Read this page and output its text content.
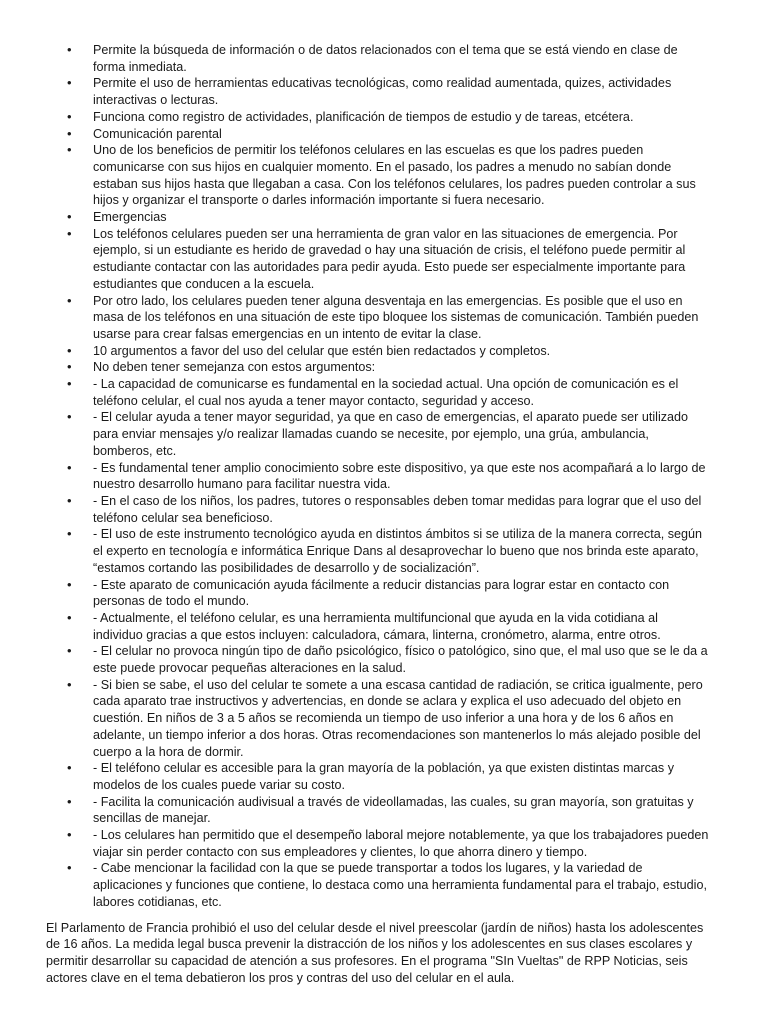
• Permite la búsqueda de información o de datos relacionados con el tema que se está viendo en clase de forma inmediata.
• Permite el uso de herramientas educativas tecnológicas, como realidad aumentada, quizes, actividades interactivas o lecturas.
• Funciona como registro de actividades, planificación de tiempos de estudio y de tareas, etcétera.
• Comunicación parental
• Uno de los beneficios de permitir los teléfonos celulares en las escuelas es que los padres pueden comunicarse con sus hijos en cualquier momento. En el pasado, los padres a menudo no sabían donde estaban sus hijos hasta que llegaban a casa. Con los teléfonos celulares, los padres pueden controlar a sus hijos y organizar el transporte o darles información importante si fuera necesario.
• Emergencias
• Los teléfonos celulares pueden ser una herramienta de gran valor en las situaciones de emergencia. Por ejemplo, si un estudiante es herido de gravedad o hay una situación de crisis, el teléfono puede permitir al estudiante contactar con las autoridades para pedir ayuda. Esto puede ser especialmente importante para estudiantes que conducen a la escuela.
• Por otro lado, los celulares pueden tener alguna desventaja en las emergencias. Es posible que el uso en masa de los teléfonos en una situación de este tipo bloquee los sistemas de comunicación. También pueden usarse para crear falsas emergencias en un intento de evitar la clase.
• 10 argumentos a favor del uso del celular que estén bien redactados y completos.
• No deben tener semejanza con estos argumentos:
• - La capacidad de comunicarse es fundamental en la sociedad actual. Una opción de comunicación es el teléfono celular, el cual nos ayuda a tener mayor contacto, seguridad y acceso.
• - El celular ayuda a tener mayor seguridad, ya que en caso de emergencias, el aparato puede ser utilizado para enviar mensajes y/o realizar llamadas cuando se necesite, por ejemplo, una grúa, ambulancia, bomberos, etc.
• - Es fundamental tener amplio conocimiento sobre este dispositivo, ya que este nos acompañará a lo largo de nuestro desarrollo humano para facilitar nuestra vida.
• - En el caso de los niños, los padres, tutores o responsables deben tomar medidas para lograr que el uso del teléfono celular sea beneficioso.
• - El uso de este instrumento tecnológico ayuda en distintos ámbitos si se utiliza de la manera correcta, según el experto en tecnología e informática Enrique Dans al desaprovechar lo bueno que nos brinda este aparato, “estamos cortando las posibilidades de desarrollo y de socialización”.
• - Este aparato de comunicación ayuda fácilmente a reducir distancias para lograr estar en contacto con personas de todo el mundo.
• - Actualmente, el teléfono celular, es una herramienta multifuncional que ayuda en la vida cotidiana al individuo gracias a que estos incluyen: calculadora, cámara, linterna, cronómetro, alarma, entre otros.
• - El celular no provoca ningún tipo de daño psicológico, físico o patológico, sino que, el mal uso que se le da a este puede provocar pequeñas alteraciones en la salud.
• - Si bien se sabe, el uso del celular te somete a una escasa cantidad de radiación, se critica igualmente, pero cada aparato trae instructivos y advertencias, en donde se aclara y explica el uso adecuado del objeto en cuestión. En niños de 3 a 5 años se recomienda un tiempo de uso inferior a una hora y de los 6 años en adelante, un tiempo inferior a dos horas. Otras recomendaciones son mantenerlos lo más alejado posible del cuerpo a la hora de dormir.
• - El teléfono celular es accesible para la gran mayoría de la población, ya que existen distintas marcas y modelos de los cuales puede variar su costo.
• - Facilita la comunicación audivisual a través de videollamadas, las cuales, su gran mayoría, son gratuitas y sencillas de manejar.
• - Los celulares han permitido que el desempeño laboral mejore notablemente, ya que los trabajadores pueden viajar sin perder contacto con sus empleadores y clientes, lo que ahorra dinero y tiempo.
• - Cabe mencionar la facilidad con la que se puede transportar a todos los lugares, y la variedad de aplicaciones y funciones que contiene, lo destaca como una herramienta fundamental para el trabajo, estudio, labores cotidianas, etc.

El Parlamento de Francia prohibió el uso del celular desde el nivel preescolar (jardín de niños) hasta los adolescentes de 16 años. La medida legal busca prevenir la distracción de los niños y los adolescentes en sus clases escolares y permitir desarrollar su capacidad de atención a sus profesores. En el programa "SIn Vueltas" de RPP Noticias, seis actores clave en el tema debatieron los pros y contras del uso del celular en el aula.
